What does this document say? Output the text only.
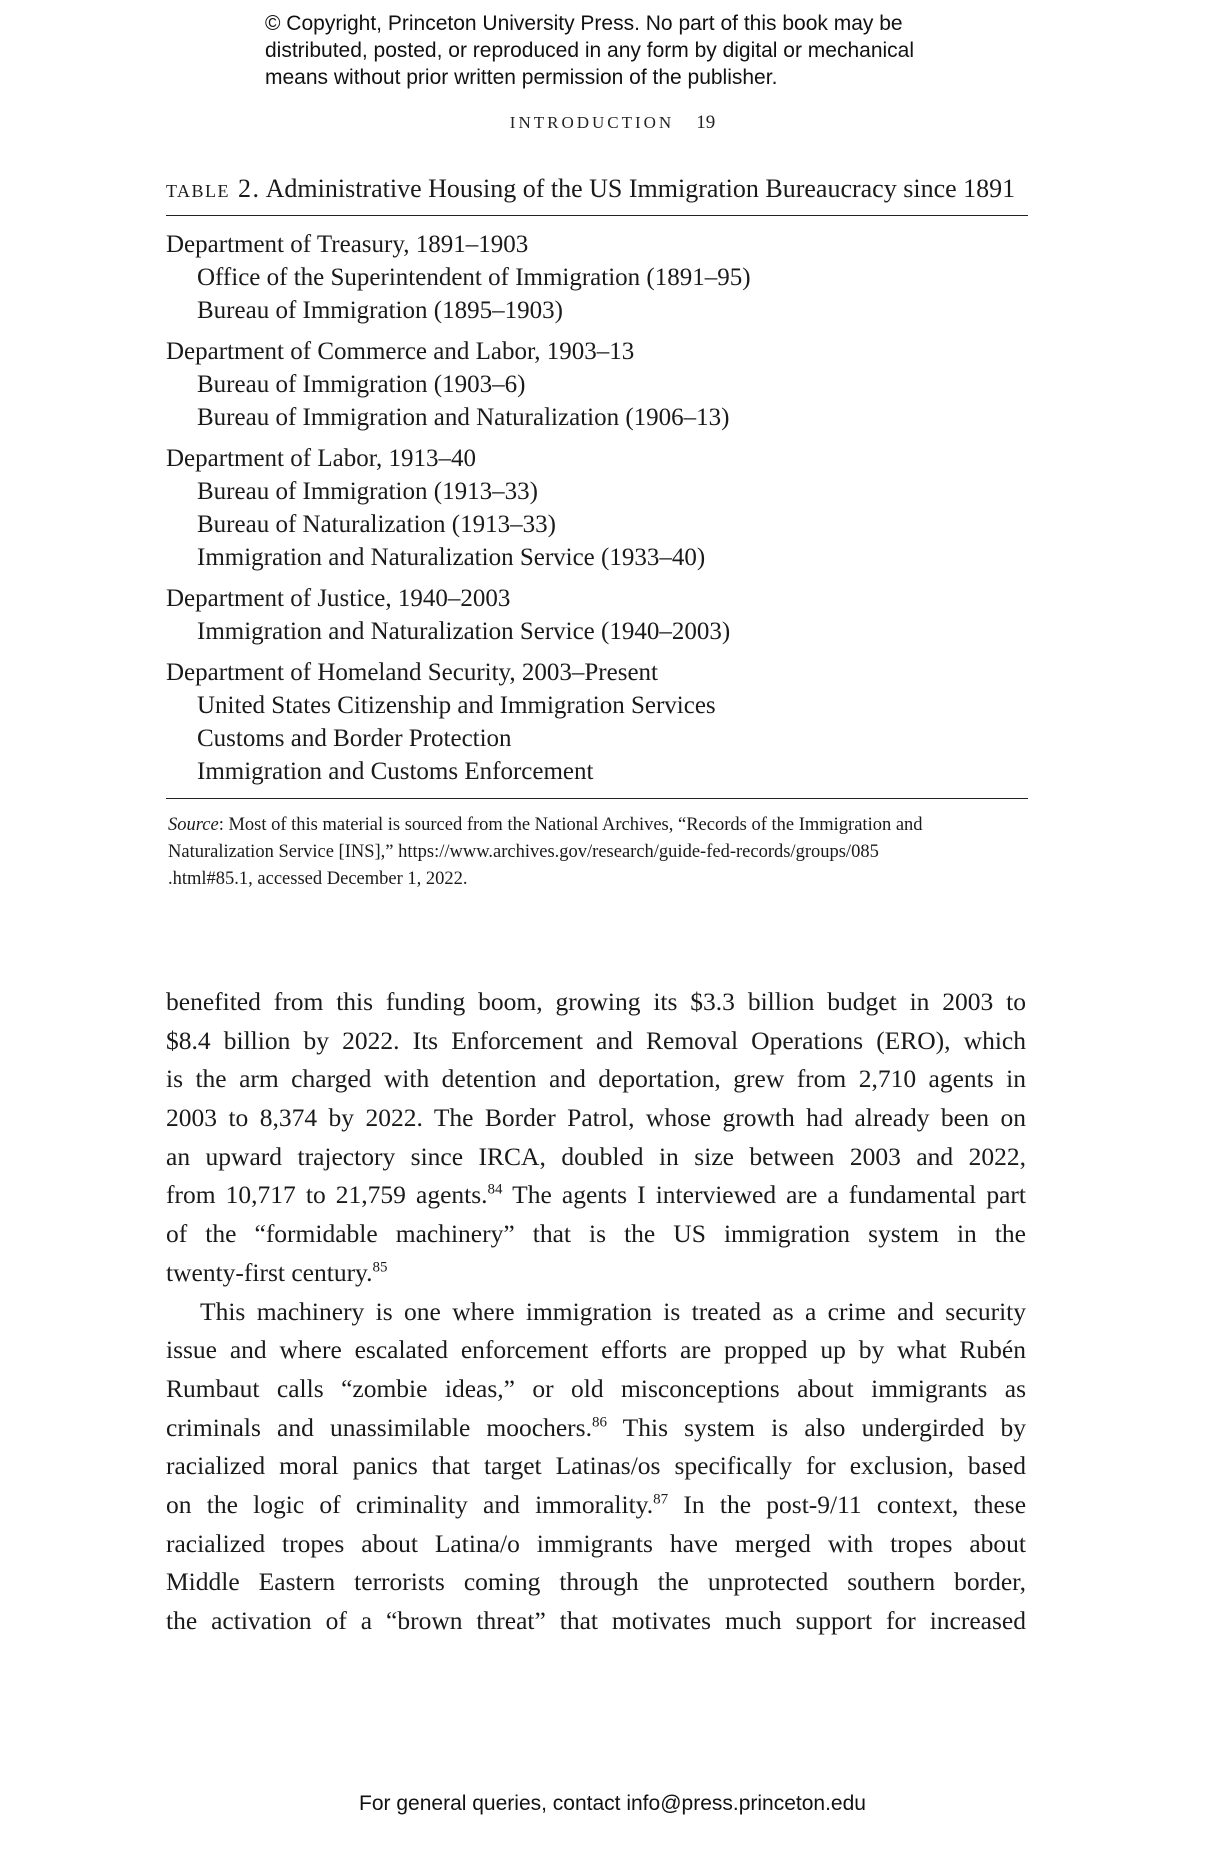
© Copyright, Princeton University Press. No part of this book may be
distributed, posted, or reproduced in any form by digital or mechanical
means without prior written permission of the publisher.
INTRODUCTION 19
table 2. Administrative Housing of the US Immigration Bureaucracy since 1891
Department of Treasury, 1891–1903
Office of the Superintendent of Immigration (1891–95)
Bureau of Immigration (1895–1903)
Department of Commerce and Labor, 1903–13
Bureau of Immigration (1903–6)
Bureau of Immigration and Naturalization (1906–13)
Department of Labor, 1913–40
Bureau of Immigration (1913–33)
Bureau of Naturalization (1913–33)
Immigration and Naturalization Service (1933–40)
Department of Justice, 1940–2003
Immigration and Naturalization Service (1940–2003)
Department of Homeland Security, 2003–Present
United States Citizenship and Immigration Services
Customs and Border Protection
Immigration and Customs Enforcement
Source: Most of this material is sourced from the National Archives, “Records of the Immigration and
Naturalization Service [INS],” https://www.archives.gov/research/guide-fed-records/groups/085
.html#85.1, accessed December 1, 2022.
benefited from this funding boom, growing its $3.3 billion budget in 2003 to
$8.4 billion by 2022. Its Enforcement and Removal Operations (ERO), which
is the arm charged with detention and deportation, grew from 2,710 agents in
2003 to 8,374 by 2022. The Border Patrol, whose growth had already been on
an upward trajectory since IRCA, doubled in size between 2003 and 2022,
from 10,717 to 21,759 agents.$^{84}$ The agents I interviewed are a fundamental part
of the “formidable machinery” that is the US immigration system in the
twenty-first century.$^{85}$
This machinery is one where immigration is treated as a crime and security
issue and where escalated enforcement efforts are propped up by what Rubén
Rumbaut calls “zombie ideas,” or old misconceptions about immigrants as
criminals and unassimilable moochers.$^{86}$ This system is also undergirded by
racialized moral panics that target Latinas/os specifically for exclusion, based
on the logic of criminality and immorality.$^{87}$ In the post-9/11 context, these
racialized tropes about Latina/o immigrants have merged with tropes about
Middle Eastern terrorists coming through the unprotected southern border,
the activation of a “brown threat” that motivates much support for increased
For general queries, contact info@press.princeton.edu
